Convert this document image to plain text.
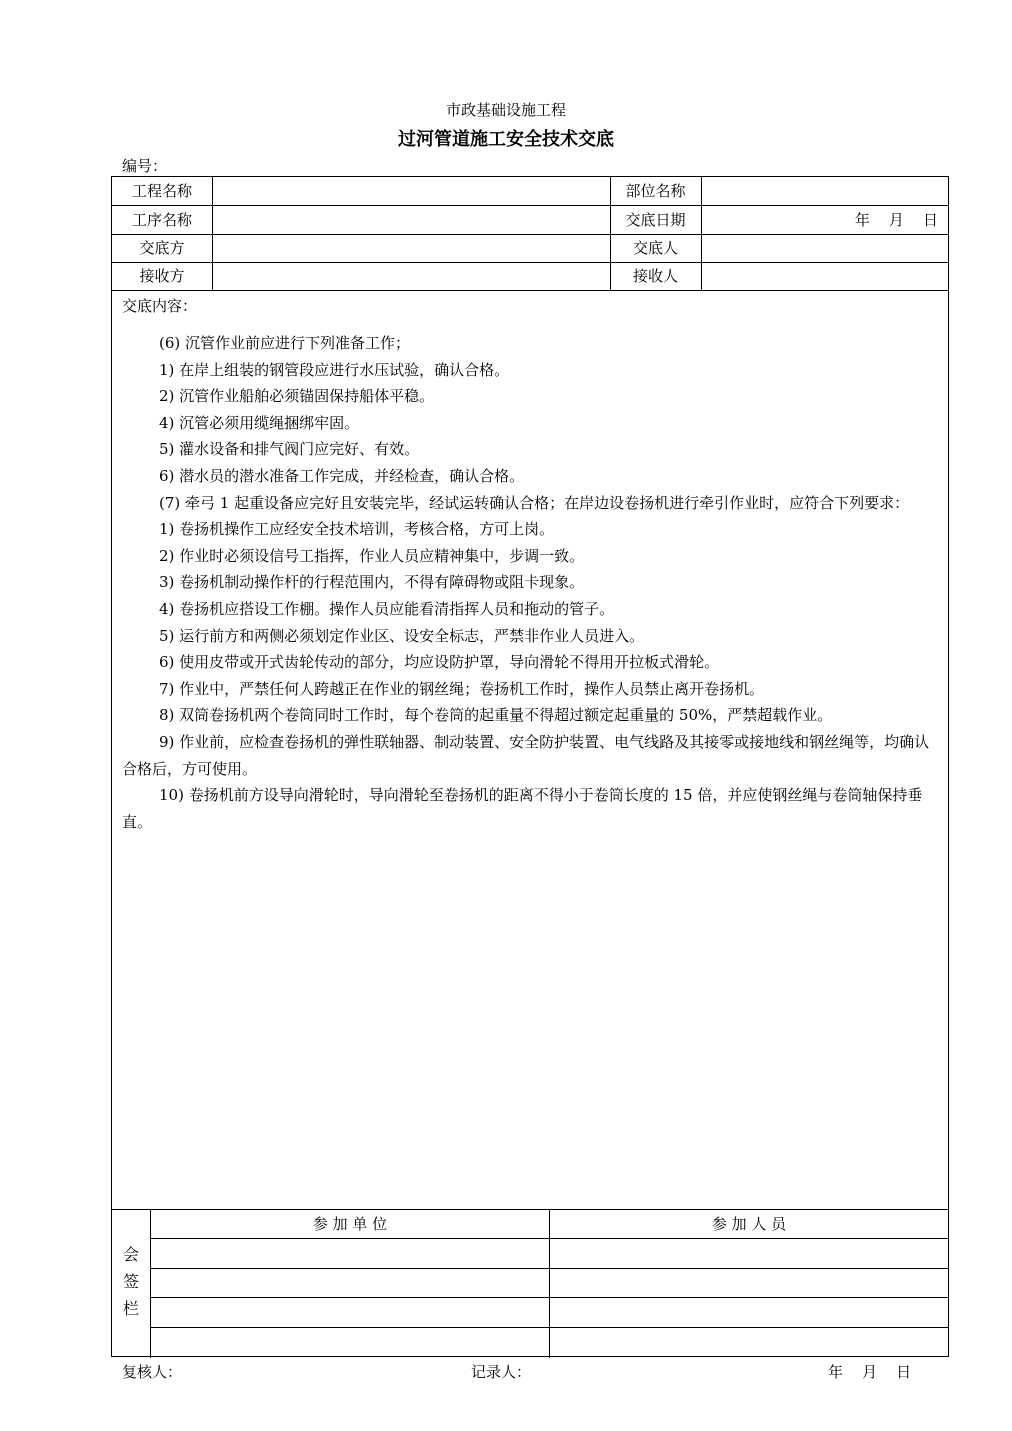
市政基础设施工程
过河管道施工安全技术交底
编号：
工程名称	部位名称
工序名称	交底日期	年    月    日
交底方	交底人
接收方	接收人
交底内容：
(6) 沉管作业前应进行下列准备工作；
1) 在岸上组装的钢管段应进行水压试验，确认合格。
2) 沉管作业船舶必须锚固保持船体平稳。
4) 沉管必须用缆绳捆绑牢固。
5) 灌水设备和排气阀门应完好、有效。
6) 潜水员的潜水准备工作完成，并经检查，确认合格。
(7) 牵弓 1 起重设备应完好且安装完毕，经试运转确认合格；在岸边设卷扬机进行牵引作业时，应符合下列要求：
1) 卷扬机操作工应经安全技术培训，考核合格，方可上岗。
2) 作业时必须设信号工指挥，作业人员应精神集中，步调一致。
3) 卷扬机制动操作杆的行程范围内，不得有障碍物或阻卡现象。
4) 卷扬机应搭设工作棚。操作人员应能看清指挥人员和拖动的管子。
5) 运行前方和两侧必须划定作业区、设安全标志，严禁非作业人员进入。
6) 使用皮带或开式齿轮传动的部分，均应设防护罩，导向滑轮不得用开拉板式滑轮。
7) 作业中，严禁任何人跨越正在作业的钢丝绳；卷扬机工作时，操作人员禁止离开卷扬机。
8) 双筒卷扬机两个卷筒同时工作时，每个卷筒的起重量不得超过额定起重量的 50%，严禁超载作业。
9) 作业前，应检查卷扬机的弹性联轴器、制动装置、安全防护装置、电气线路及其接零或接地线和钢丝绳等，均确认合格后，方可使用。
10) 卷扬机前方设导向滑轮时，导向滑轮至卷扬机的距离不得小于卷筒长度的 15 倍，并应使钢丝绳与卷筒轴保持垂直。
会
签
栏
参 加 单 位	参 加 人 员
复核人：	记录人：	年    月    日
